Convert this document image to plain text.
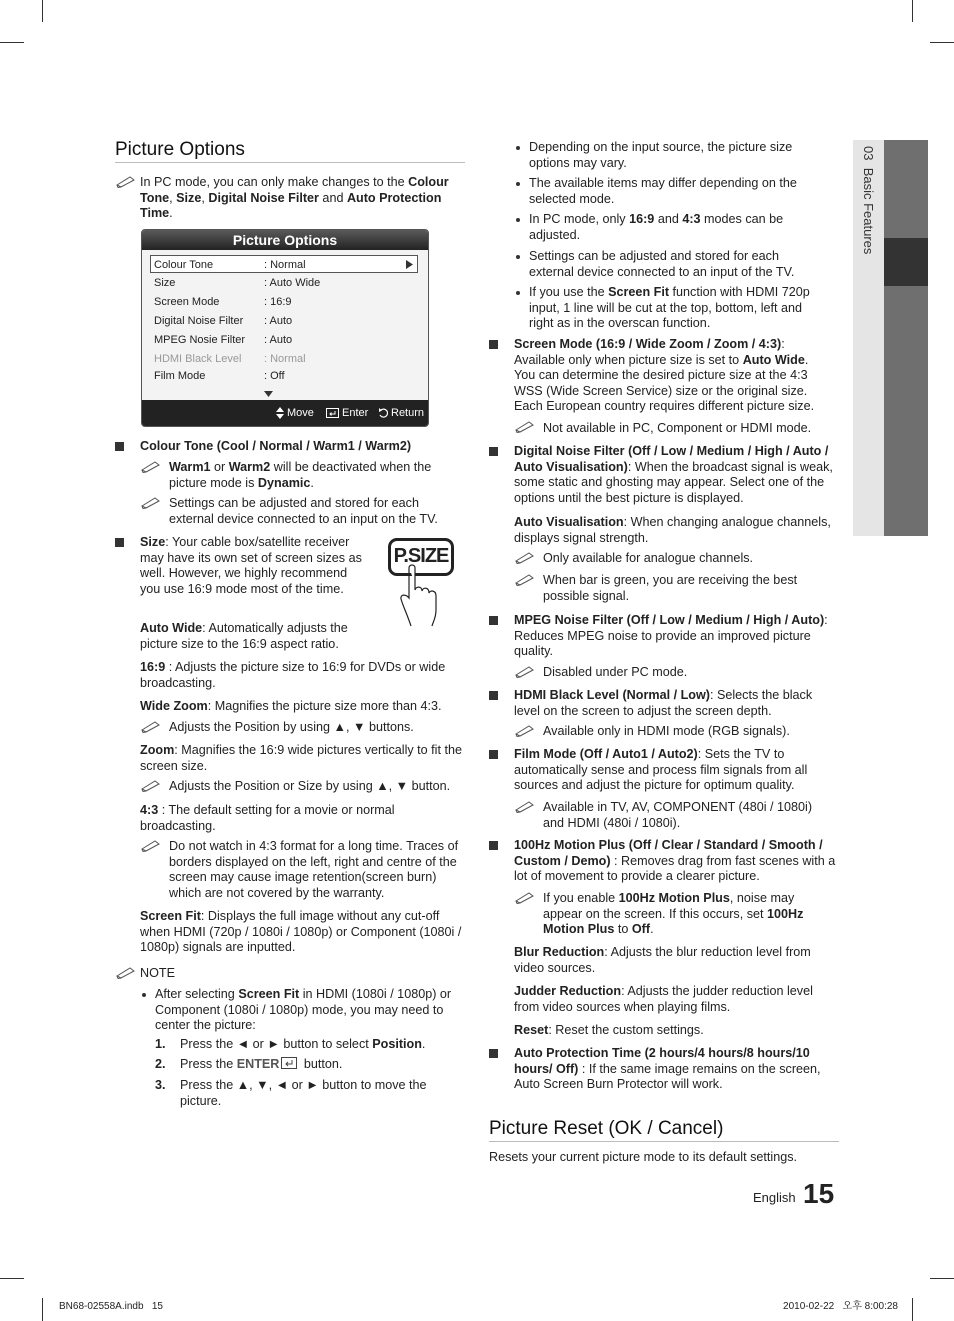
03  Basic Features
Picture Options
In PC mode, you can only make changes to the Colour Tone, Size, Digital Noise Filter and Auto Protection Time.
Picture Options
Colour Tone	: Normal
Size	: Auto Wide
Screen Mode	: 16:9
Digital Noise Filter	: Auto
MPEG Nosie Filter	: Auto
HDMI Black Level	: Normal
Film Mode	: Off
Move	Enter Return
Colour Tone (Cool / Normal / Warm1 / Warm2)
Warm1 or Warm2 will be deactivated when the picture mode is Dynamic.
Settings can be adjusted and stored for each external device connected to an input on the TV.
Size: Your cable box/satellite receiver may have its own set of screen sizes as well. However, we highly recommend you use 16:9 mode most of the time.
P.SIZE
Auto Wide: Automatically adjusts the picture size to the 16:9 aspect ratio.
16:9 : Adjusts the picture size to 16:9 for DVDs or wide broadcasting.
Wide Zoom: Magnifies the picture size more than 4:3.
Adjusts the Position by using ▲, ▼ buttons.
Zoom: Magnifies the 16:9 wide pictures vertically to fit the screen size.
Adjusts the Position or Size by using ▲, ▼ button.
4:3 : The default setting for a movie or normal broadcasting.
Do not watch in 4:3 format for a long time. Traces of borders displayed on the left, right and centre of the screen may cause image retention(screen burn) which are not covered by the warranty.
Screen Fit: Displays the full image without any cut-off when HDMI (720p / 1080i / 1080p) or Component (1080i / 1080p) signals are inputted.
NOTE
After selecting Screen Fit in HDMI (1080i / 1080p) or Component (1080i / 1080p) mode, you may need to center the picture:
1. Press the ◄ or ► button to select Position.
2. Press the ENTER button.
3. Press the ▲, ▼, ◄ or ► button to move the picture.
Depending on the input source, the picture size options may vary.
The available items may differ depending on the selected mode.
In PC mode, only 16:9 and 4:3 modes can be adjusted.
Settings can be adjusted and stored for each external device connected to an input of the TV.
If you use the Screen Fit function with HDMI 720p input, 1 line will be cut at the top, bottom, left and right as in the overscan function.
Screen Mode (16:9 / Wide Zoom / Zoom / 4:3): Available only when picture size is set to Auto Wide. You can determine the desired picture size at the 4:3 WSS (Wide Screen Service) size or the original size. Each European country requires different picture size.
Not available in PC, Component or HDMI mode.
Digital Noise Filter (Off / Low / Medium / High / Auto / Auto Visualisation): When the broadcast signal is weak, some static and ghosting may appear. Select one of the options until the best picture is displayed.
Auto Visualisation: When changing analogue channels, displays signal strength.
Only available for analogue channels.
When bar is green, you are receiving the best possible signal.
MPEG Noise Filter (Off / Low / Medium / High / Auto): Reduces MPEG noise to provide an improved picture quality.
Disabled under PC mode.
HDMI Black Level (Normal / Low): Selects the black level on the screen to adjust the screen depth.
Available only in HDMI mode (RGB signals).
Film Mode (Off / Auto1 / Auto2): Sets the TV to automatically sense and process film signals from all sources and adjust the picture for optimum quality.
Available in TV, AV, COMPONENT (480i / 1080i) and HDMI (480i / 1080i).
100Hz Motion Plus (Off / Clear / Standard / Smooth / Custom / Demo) : Removes drag from fast scenes with a lot of movement to provide a clearer picture.
If you enable 100Hz Motion Plus, noise may appear on the screen. If this occurs, set 100Hz Motion Plus to Off.
Blur Reduction: Adjusts the blur reduction level from video sources.
Judder Reduction: Adjusts the judder reduction level from video sources when playing films.
Reset: Reset the custom settings.
Auto Protection Time (2 hours/4 hours/8 hours/10 hours/ Off) : If the same image remains on the screen, Auto Screen Burn Protector will work.
Picture Reset (OK / Cancel)
Resets your current picture mode to its default settings.
English 15
BN68-02558A.indb   15	2010-02-22   오후 8:00:28
